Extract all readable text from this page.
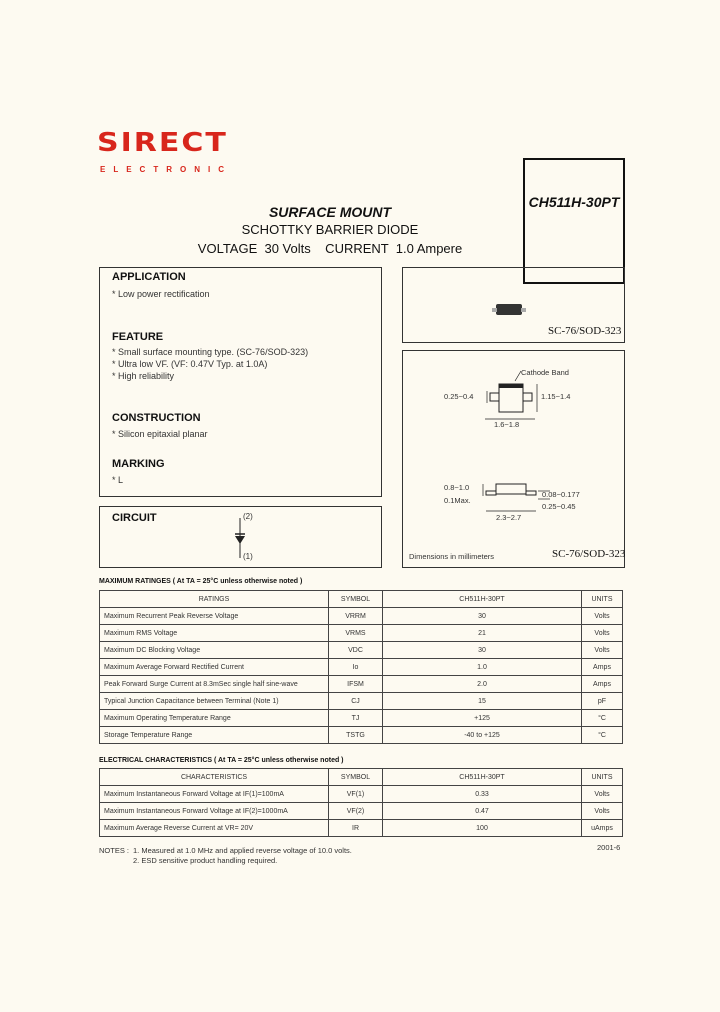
SIRECT
ELECTRONIC
CH511H-30PT
SURFACE MOUNT
SCHOTTKY BARRIER DIODE
VOLTAGE  30 Volts    CURRENT  1.0 Ampere
APPLICATION
* Low power rectification
FEATURE
* Small surface mounting type. (SC-76/SOD-323)
* Ultra low VF. (VF: 0.47V Typ. at 1.0A)
* High reliability
CONSTRUCTION
* Silicon epitaxial planar
MARKING
* L
CIRCUIT	(2)
(1)
SC-76/SOD-323
Cathode Band
0.25~0.4	1.15~1.4
1.6~1.8
0.8~1.0
0.1Max.
0.08~0.177
0.25~0.45
2.3~2.7
Dimensions in millimeters	SC-76/SOD-323
MAXIMUM RATINGES ( At TA = 25°C unless otherwise noted )
RATINGS	SYMBOL	CH511H-30PT	UNITS
Maximum Recurrent Peak Reverse Voltage	VRRM	30	Volts
Maximum RMS Voltage	VRMS	21	Volts
Maximum DC Blocking Voltage	VDC	30	Volts
Maximum Average Forward Rectified Current	Io	1.0	Amps
Peak Forward Surge Current at 8.3mSec single half sine-wave	IFSM	2.0	Amps
Typical Junction Capacitance between Terminal (Note 1)	CJ	15	pF
Maximum Operating Temperature Range	TJ	+125	°C
Storage Temperature Range	TSTG	-40 to +125	°C
ELECTRICAL CHARACTERISTICS ( At TA = 25°C unless otherwise noted )
CHARACTERISTICS	SYMBOL	CH511H-30PT	UNITS
Maximum Instantaneous Forward Voltage at IF(1)=100mA	VF(1)	0.33	Volts
Maximum Instantaneous Forward Voltage at IF(2)=1000mA	VF(2)	0.47	Volts
Maximum Average Reverse Current at VR= 20V	IR	100	uAmps
NOTES : 1. Measured at 1.0 MHz and applied reverse voltage of 10.0 volts.
2. ESD sensitive product handling required.
2001-6
